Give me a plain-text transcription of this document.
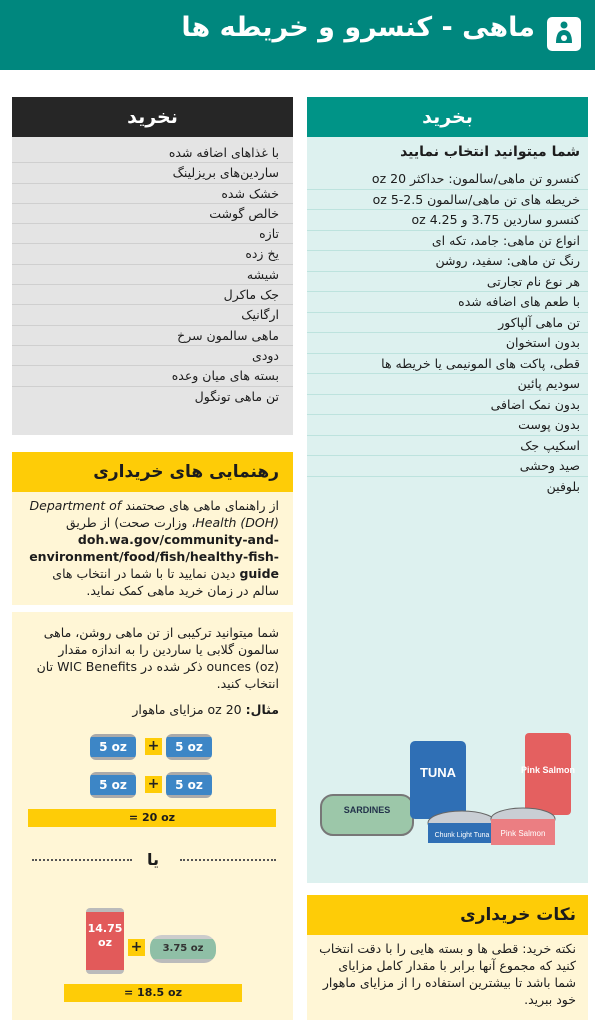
ماهی - کنسرو و خریطه ها
بخرید
شما میتوانید انتخاب نمایید
کنسرو تن ماهی/سالمون: حداکثر 20 oz
خریطه های تن ماهی/سالمون 2.5-5 oz
کنسرو ساردین 3.75 و 4.25 oz
انواع تن ماهی: جامد، تکه ای
رنگ تن ماهی: سفید، روشن
هر نوع نام تجارتی
با طعم های اضافه شده
تن ماهی آلپاکور
بدون استخوان
قطی، پاکت های المونیمی یا خریطه ها
سودیم پائین
بدون نمک اضافی
بدون پوست
اسکیپ جک
صید وحشی
بلوفین
SARDINES
TUNA
Chunk Light Tuna
Pink Salmon
Pink Salmon
نخرید
با غذاهای اضافه شده
ساردین‌های بریزلینگ
خشک شده
خالص گوشت
تازه
یخ زده
شیشه
جک ماکرل
ارگانیک
ماهی سالمون سرخ
دودی
بسته های میان وعده
تن ماهی تونگول
رهنمایی های خریداری
از راهنمای ماهی های صحتمند Department of Health (DOH)، وزارت صحت) از طریق doh.wa.gov/community-and-environment/food/fish/healthy-fish-guide دیدن نمایید تا با شما در انتخاب های سالم در زمان خرید ماهی کمک نماید.
شما میتوانید ترکیبی از تن ماهی روشن، ماهی سالمون گلابی یا ساردین را به اندازه مقدار ounces (oz) ذکر شده در WIC Benefits تان انتخاب کنید.
مثال: 20 oz مزایای ماهوار
5 oz	+	5 oz
5 oz	+	5 oz
= 20 oz
یا
14.75 oz	+	3.75 oz
= 18.5 oz
نکات خریداری
نکته خرید: قطی ها و بسته هایی را با دقت انتخاب کنید که مجموع آنها برابر با مقدار کامل مزایای شما باشد تا بیشترین استفاده را از مزایای ماهوار خود ببرید.
